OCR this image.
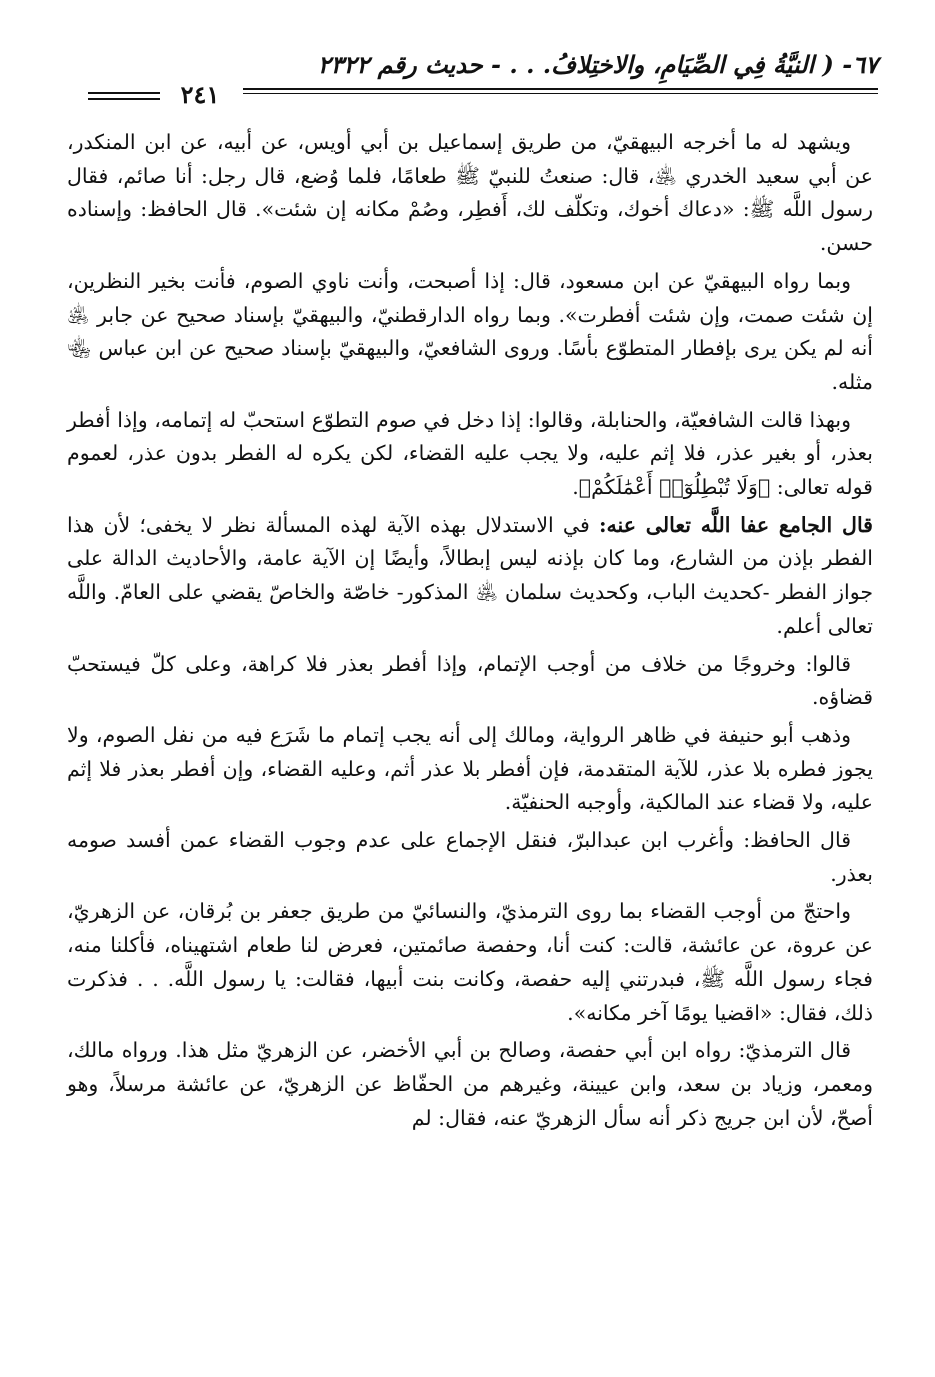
٦٧- ( النيَّةُ فِي الصِّيَامِ، والاختِلافُ. . . - حديث رقم ٢٣٢٢
٢٤١

ويشهد له ما أخرجه البيهقيّ، من طريق إسماعيل بن أبي أويس، عن أبيه، عن ابن المنكدر، عن أبي سعيد الخدري ﵁، قال: صنعتُ للنبيّ ﷺ طعامًا، فلما وُضع، قال رجل: أنا صائم، فقال رسول اللَّه ﷺ: «دعاك أخوك، وتكلّف لك، أَفطِر، وصُمْ مكانه إن شئت». قال الحافظ: وإسناده حسن.

وبما رواه البيهقيّ عن ابن مسعود، قال: إذا أصبحت، وأنت ناوي الصوم، فأنت بخير النظرين، إن شئت صمت، وإن شئت أفطرت». وبما رواه الدارقطنيّ، والبيهقيّ بإسناد صحيح عن جابر ﵁ أنه لم يكن يرى بإفطار المتطوّع بأسًا. وروى الشافعيّ، والبيهقيّ بإسناد صحيح عن ابن عباس ﵄ مثله.

وبهذا قالت الشافعيّة، والحنابلة، وقالوا: إذا دخل في صوم التطوّع استحبّ له إتمامه، وإذا أفطر بعذر، أو بغير عذر، فلا إثم عليه، ولا يجب عليه القضاء، لكن يكره له الفطر بدون عذر، لعموم قوله تعالى: ﴿وَلَا تُبْطِلُوٓا۟ أَعْمَٰلَكُمْ﴾.

قال الجامع عفا اللَّه تعالى عنه: في الاستدلال بهذه الآية لهذه المسألة نظر لا يخفى؛ لأن هذا الفطر بإذن من الشارع، وما كان بإذنه ليس إبطالاً، وأيضًا إن الآية عامة، والأحاديث الدالة على جواز الفطر -كحديث الباب، وكحديث سلمان ﵁ المذكور- خاصّة والخاصّ يقضي على العامّ. واللَّه تعالى أعلم.

قالوا: وخروجًا من خلاف من أوجب الإتمام، وإذا أفطر بعذر فلا كراهة، وعلى كلّ فيستحبّ قضاؤه.

وذهب أبو حنيفة في ظاهر الرواية، ومالك إلى أنه يجب إتمام ما شَرَع فيه من نفل الصوم، ولا يجوز فطره بلا عذر، للآية المتقدمة، فإن أفطر بلا عذر أثم، وعليه القضاء، وإن أفطر بعذر فلا إثم عليه، ولا قضاء عند المالكية، وأوجبه الحنفيّة.

قال الحافظ: وأغرب ابن عبدالبرّ، فنقل الإجماع على عدم وجوب القضاء عمن أفسد صومه بعذر.

واحتجّ من أوجب القضاء بما روى الترمذيّ، والنسائيّ من طريق جعفر بن بُرقان، عن الزهريّ، عن عروة، عن عائشة، قالت: كنت أنا، وحفصة صائمتين، فعرض لنا طعام اشتهيناه، فأكلنا منه، فجاء رسول اللَّه ﷺ، فبدرتني إليه حفصة، وكانت بنت أبيها، فقالت: يا رسول اللَّه. . . فذكرت ذلك، فقال: «اقضيا يومًا آخر مكانه».

قال الترمذيّ: رواه ابن أبي حفصة، وصالح بن أبي الأخضر، عن الزهريّ مثل هذا. ورواه مالك، ومعمر، وزياد بن سعد، وابن عيينة، وغيرهم من الحفّاظ عن الزهريّ، عن عائشة مرسلاً، وهو أصحّ، لأن ابن جريج ذكر أنه سأل الزهريّ عنه، فقال: لم
